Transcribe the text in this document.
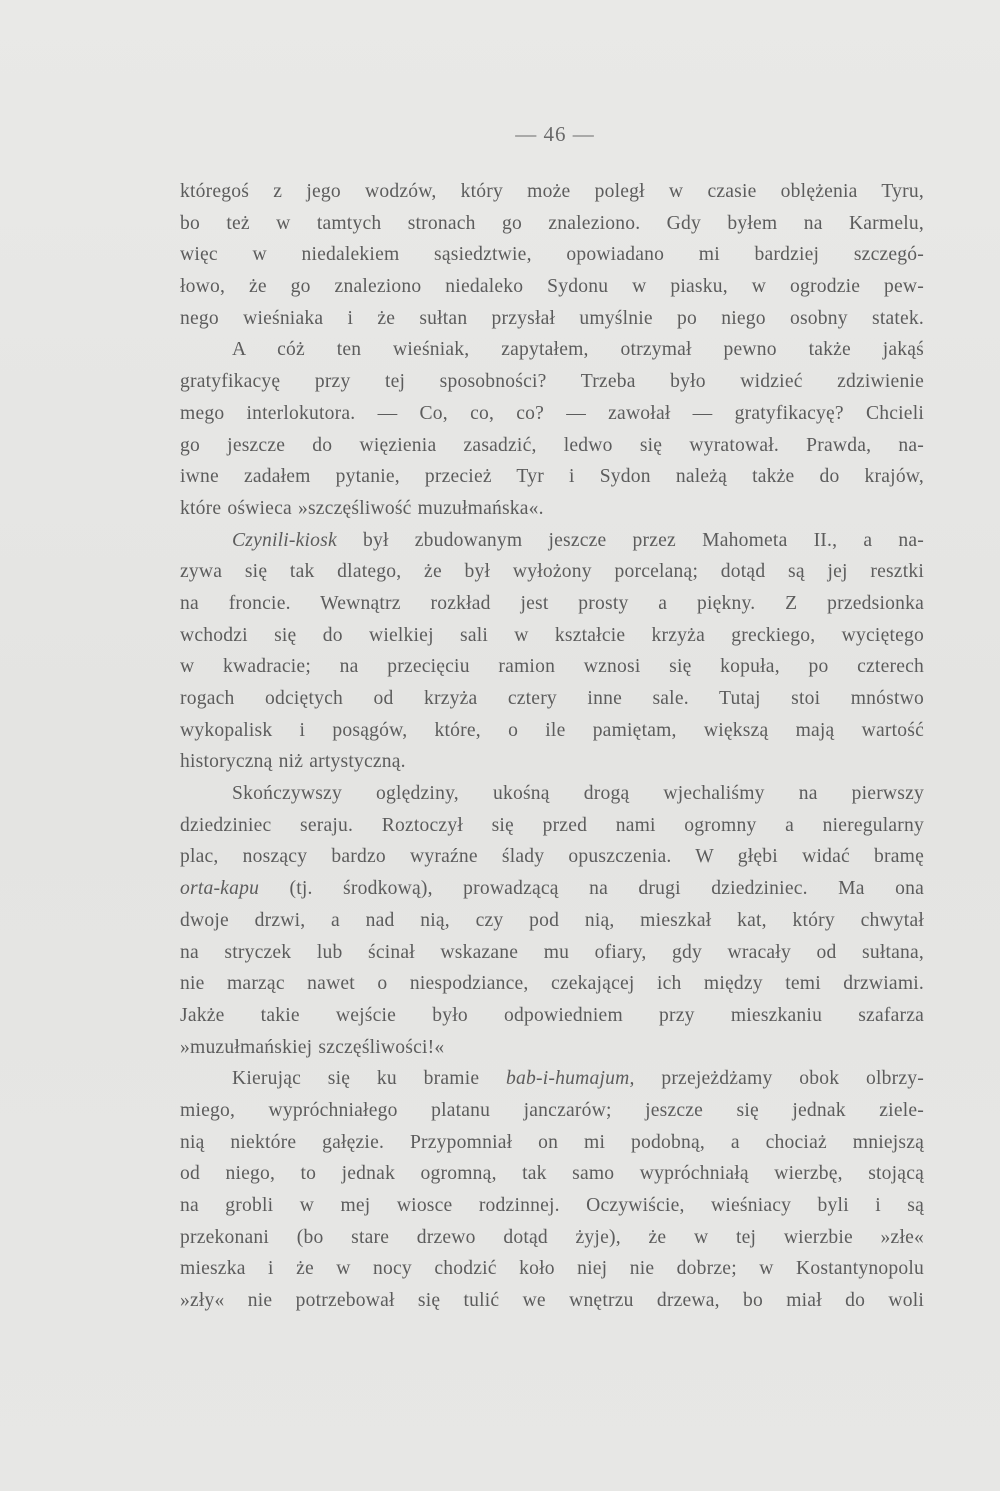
— 46 —
któregoś z jego wodzów, który może poległ w czasie oblężenia Tyru,
bo też w tamtych stronach go znaleziono. Gdy byłem na Karmelu,
więc w niedalekiem sąsiedztwie, opowiadano mi bardziej szczegó-
łowo, że go znaleziono niedaleko Sydonu w piasku, w ogrodzie pew-
nego wieśniaka i że sułtan przysłał umyślnie po niego osobny statek.
A cóż ten wieśniak, zapytałem, otrzymał pewno także jakąś
gratyfikacyę przy tej sposobności? Trzeba było widzieć zdziwienie
mego interlokutora. — Co, co, co? — zawołał — gratyfikacyę? Chcieli
go jeszcze do więzienia zasadzić, ledwo się wyratował. Prawda, na-
iwne zadałem pytanie, przecież Tyr i Sydon należą także do krajów,
które oświeca »szczęśliwość muzułmańska«.
Czynili-kiosk był zbudowanym jeszcze przez Mahometa II., a na-
zywa się tak dlatego, że był wyłożony porcelaną; dotąd są jej resztki
na froncie. Wewnątrz rozkład jest prosty a piękny. Z przedsionka
wchodzi się do wielkiej sali w kształcie krzyża greckiego, wyciętego
w kwadracie; na przecięciu ramion wznosi się kopuła, po czterech
rogach odciętych od krzyża cztery inne sale. Tutaj stoi mnóstwo
wykopalisk i posągów, które, o ile pamiętam, większą mają wartość
historyczną niż artystyczną.
Skończywszy oględziny, ukośną drogą wjechaliśmy na pierwszy
dziedziniec seraju. Roztoczył się przed nami ogromny a nieregularny
plac, noszący bardzo wyraźne ślady opuszczenia. W głębi widać bramę
orta-kapu (tj. środkową), prowadzącą na drugi dziedziniec. Ma ona
dwoje drzwi, a nad nią, czy pod nią, mieszkał kat, który chwytał
na stryczek lub ścinał wskazane mu ofiary, gdy wracały od sułtana,
nie marząc nawet o niespodziance, czekającej ich między temi drzwiami.
Jakże takie wejście było odpowiedniem przy mieszkaniu szafarza
»muzułmańskiej szczęśliwości!«
Kierując się ku bramie bab-i-humajum, przejeżdżamy obok olbrzy-
miego, wypróchniałego platanu janczarów; jeszcze się jednak ziele-
nią niektóre gałęzie. Przypomniał on mi podobną, a chociaż mniejszą
od niego, to jednak ogromną, tak samo wypróchniałą wierzbę, stojącą
na grobli w mej wiosce rodzinnej. Oczywiście, wieśniacy byli i są
przekonani (bo stare drzewo dotąd żyje), że w tej wierzbie »złe«
mieszka i że w nocy chodzić koło niej nie dobrze; w Kostantynopolu
»zły« nie potrzebował się tulić we wnętrzu drzewa, bo miał do woli
